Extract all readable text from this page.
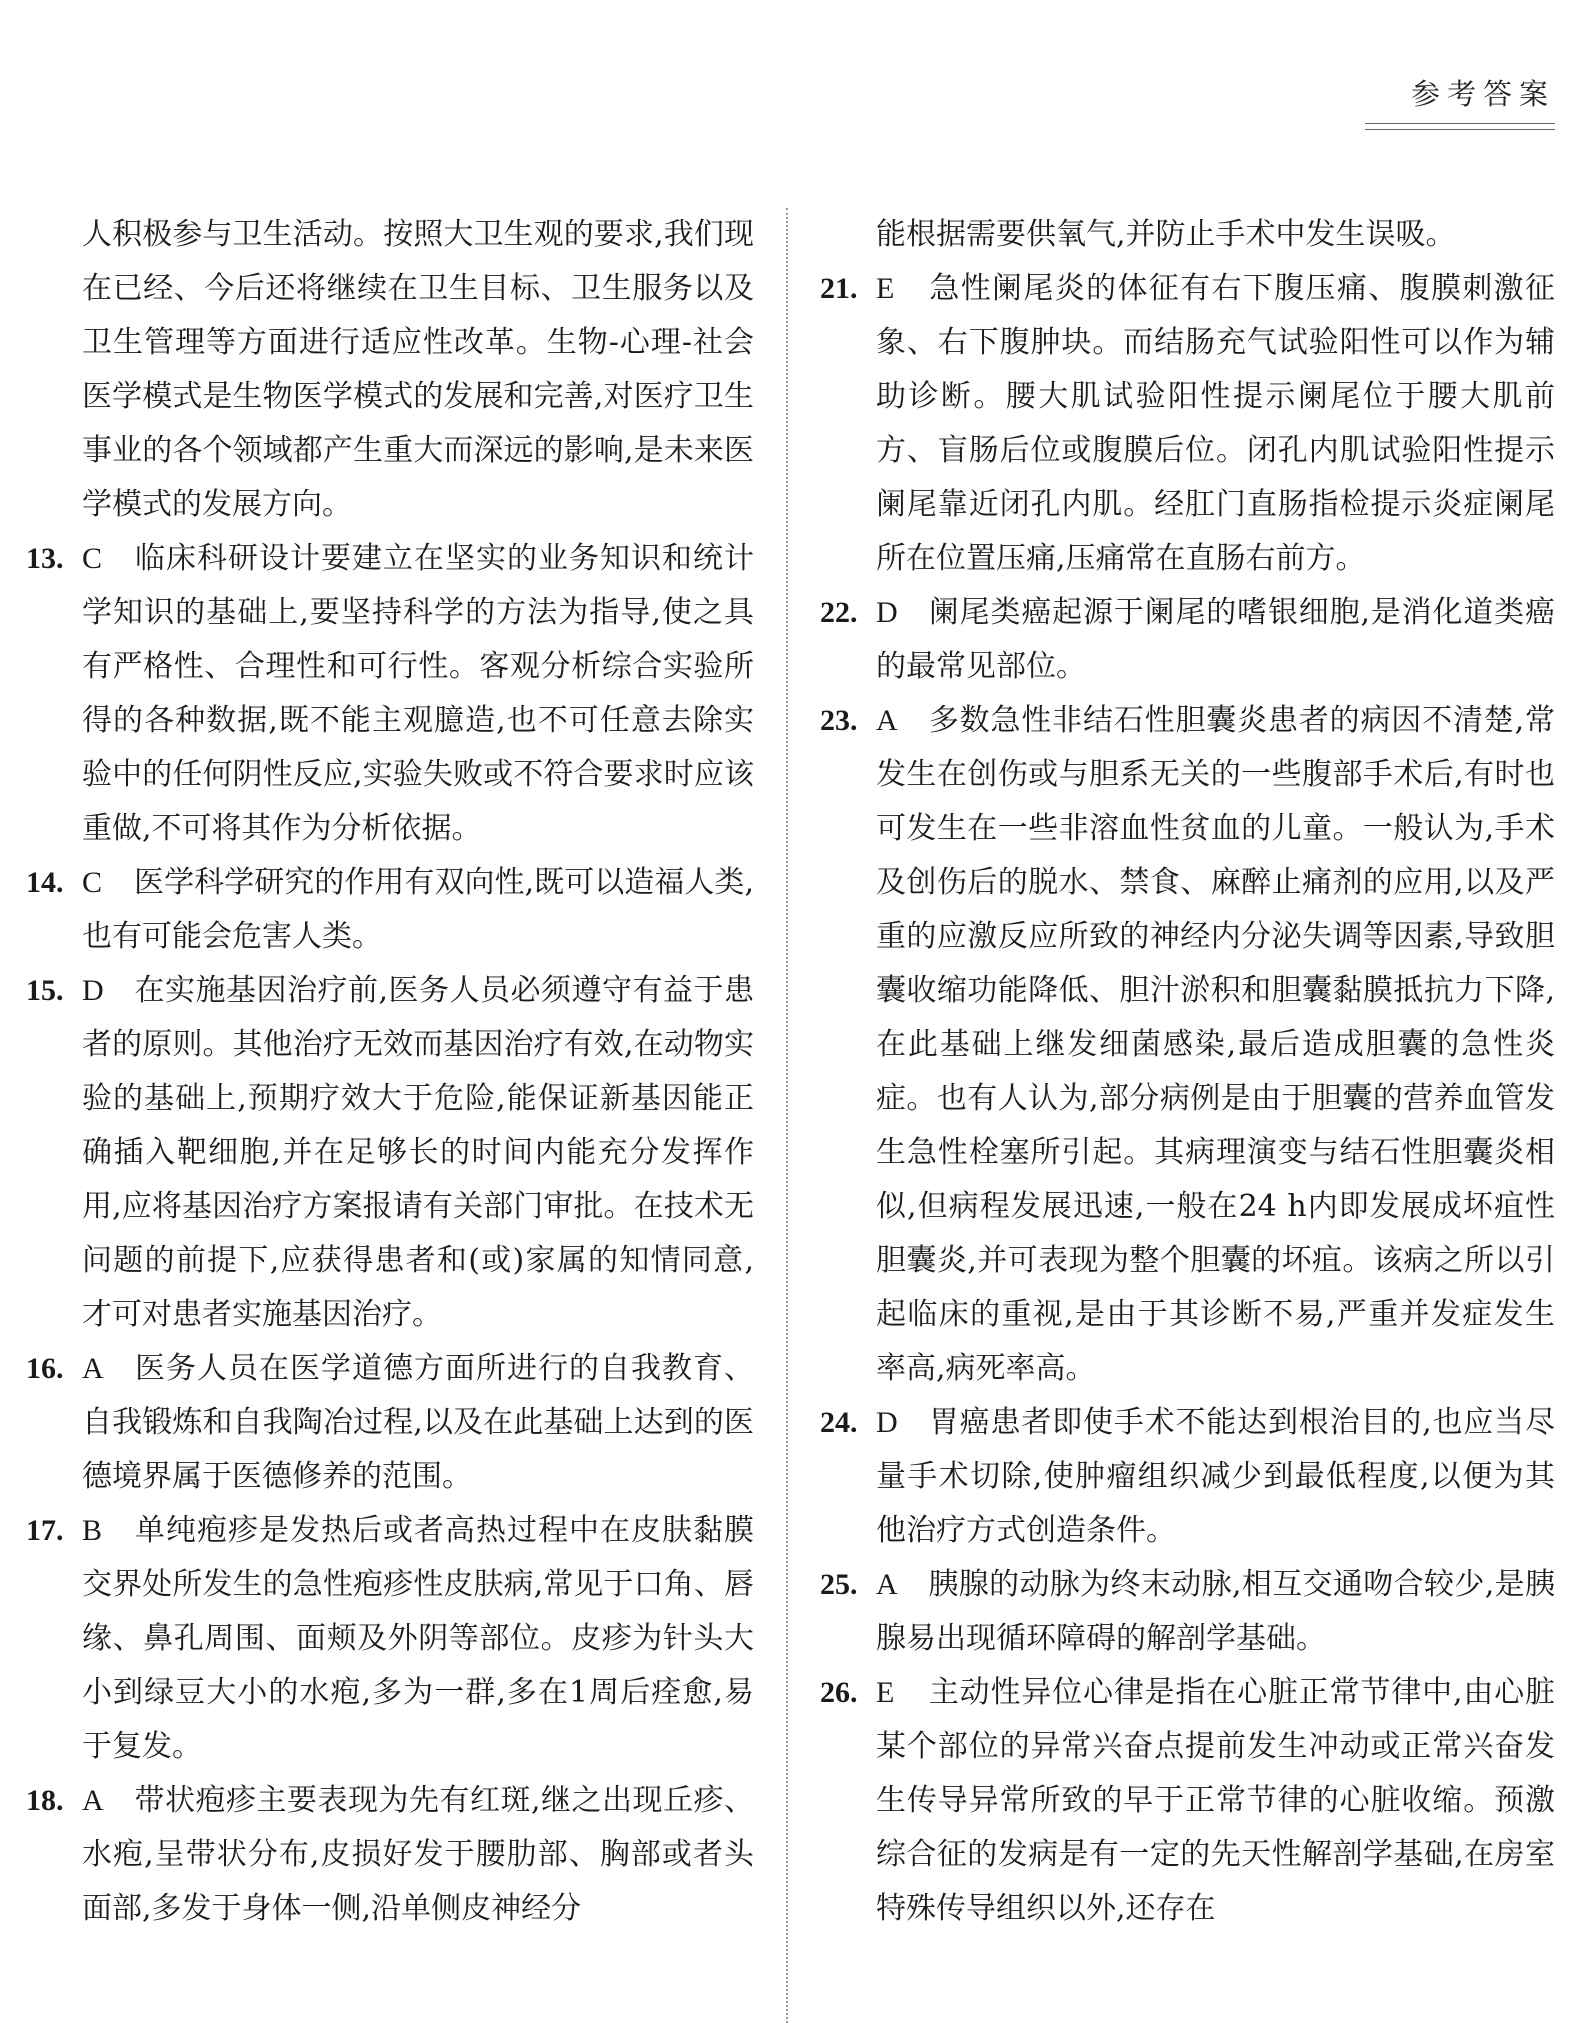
参考答案

人积极参与卫生活动。按照大卫生观的要求,我们现在已经、今后还将继续在卫生目标、卫生服务以及卫生管理等方面进行适应性改革。生物-心理-社会医学模式是生物医学模式的发展和完善,对医疗卫生事业的各个领域都产生重大而深远的影响,是未来医学模式的发展方向。

13. C 临床科研设计要建立在坚实的业务知识和统计学知识的基础上,要坚持科学的方法为指导,使之具有严格性、合理性和可行性。客观分析综合实验所得的各种数据,既不能主观臆造,也不可任意去除实验中的任何阴性反应,实验失败或不符合要求时应该重做,不可将其作为分析依据。

14. C 医学科学研究的作用有双向性,既可以造福人类,也有可能会危害人类。

15. D 在实施基因治疗前,医务人员必须遵守有益于患者的原则。其他治疗无效而基因治疗有效,在动物实验的基础上,预期疗效大于危险,能保证新基因能正确插入靶细胞,并在足够长的时间内能充分发挥作用,应将基因治疗方案报请有关部门审批。在技术无问题的前提下,应获得患者和(或)家属的知情同意,才可对患者实施基因治疗。

16. A 医务人员在医学道德方面所进行的自我教育、自我锻炼和自我陶冶过程,以及在此基础上达到的医德境界属于医德修养的范围。

17. B 单纯疱疹是发热后或者高热过程中在皮肤黏膜交界处所发生的急性疱疹性皮肤病,常见于口角、唇缘、鼻孔周围、面颊及外阴等部位。皮疹为针头大小到绿豆大小的水疱,多为一群,多在1周后痊愈,易于复发。

18. A 带状疱疹主要表现为先有红斑,继之出现丘疹、水疱,呈带状分布,皮损好发于腰肋部、胸部或者头面部,多发于身体一侧,沿单侧皮神经分

能根据需要供氧气,并防止手术中发生误吸。

21. E 急性阑尾炎的体征有右下腹压痛、腹膜刺激征象、右下腹肿块。而结肠充气试验阳性可以作为辅助诊断。腰大肌试验阳性提示阑尾位于腰大肌前方、盲肠后位或腹膜后位。闭孔内肌试验阳性提示阑尾靠近闭孔内肌。经肛门直肠指检提示炎症阑尾所在位置压痛,压痛常在直肠右前方。

22. D 阑尾类癌起源于阑尾的嗜银细胞,是消化道类癌的最常见部位。

23. A 多数急性非结石性胆囊炎患者的病因不清楚,常发生在创伤或与胆系无关的一些腹部手术后,有时也可发生在一些非溶血性贫血的儿童。一般认为,手术及创伤后的脱水、禁食、麻醉止痛剂的应用,以及严重的应激反应所致的神经内分泌失调等因素,导致胆囊收缩功能降低、胆汁淤积和胆囊黏膜抵抗力下降,在此基础上继发细菌感染,最后造成胆囊的急性炎症。也有人认为,部分病例是由于胆囊的营养血管发生急性栓塞所引起。其病理演变与结石性胆囊炎相似,但病程发展迅速,一般在24 h内即发展成坏疽性胆囊炎,并可表现为整个胆囊的坏疽。该病之所以引起临床的重视,是由于其诊断不易,严重并发症发生率高,病死率高。

24. D 胃癌患者即使手术不能达到根治目的,也应当尽量手术切除,使肿瘤组织减少到最低程度,以便为其他治疗方式创造条件。

25. A 胰腺的动脉为终末动脉,相互交通吻合较少,是胰腺易出现循环障碍的解剖学基础。

26. E 主动性异位心律是指在心脏正常节律中,由心脏某个部位的异常兴奋点提前发生冲动或正常兴奋发生传导异常所致的早于正常节律的心脏收缩。预激综合征的发病是有一定的先天性解剖学基础,在房室特殊传导组织以外,还存在
